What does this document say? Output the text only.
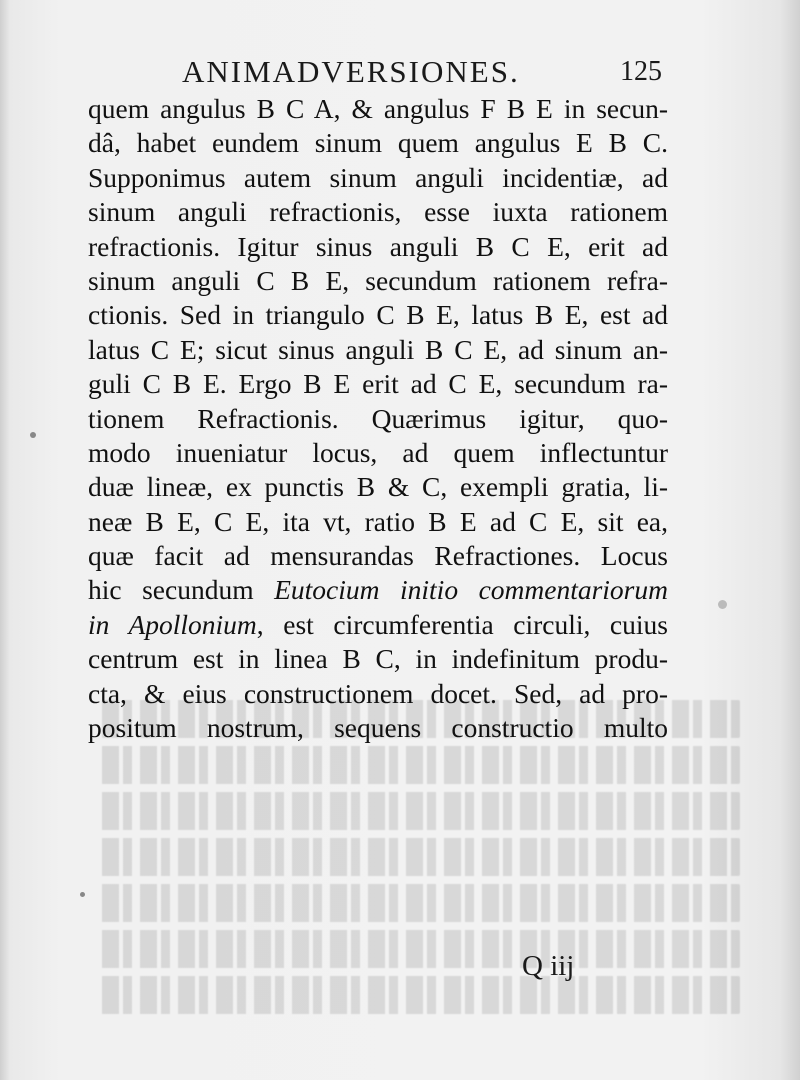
ANIMADVERSIONES.	125
quem angulus B C A, & angulus F B E in secun-
dâ, habet eundem sinum quem angulus E B C.
Supponimus autem sinum anguli incidentiæ, ad
sinum anguli refractionis, esse iuxta rationem
refractionis. Igitur sinus anguli B C E, erit ad
sinum anguli C B E, secundum rationem refra-
ctionis. Sed in triangulo C B E, latus B E, est ad
latus C E; sicut sinus anguli B C E, ad sinum an-
guli C B E. Ergo B E erit ad C E, secundum ra-
tionem Refractionis. Quærimus igitur, quo-
modo inueniatur locus, ad quem inflectuntur
duæ lineæ, ex punctis B & C, exempli gratia, li-
neæ B E, C E, ita vt, ratio B E ad C E, sit ea,
quæ facit ad mensurandas Refractiones. Locus
hic secundum Eutocium initio commentariorum
in Apollonium, est circumferentia circuli, cuius
centrum est in linea B C, in indefinitum produ-
cta, & eius constructionem docet. Sed, ad pro-
positum nostrum, sequens constructio multo
Q iij
